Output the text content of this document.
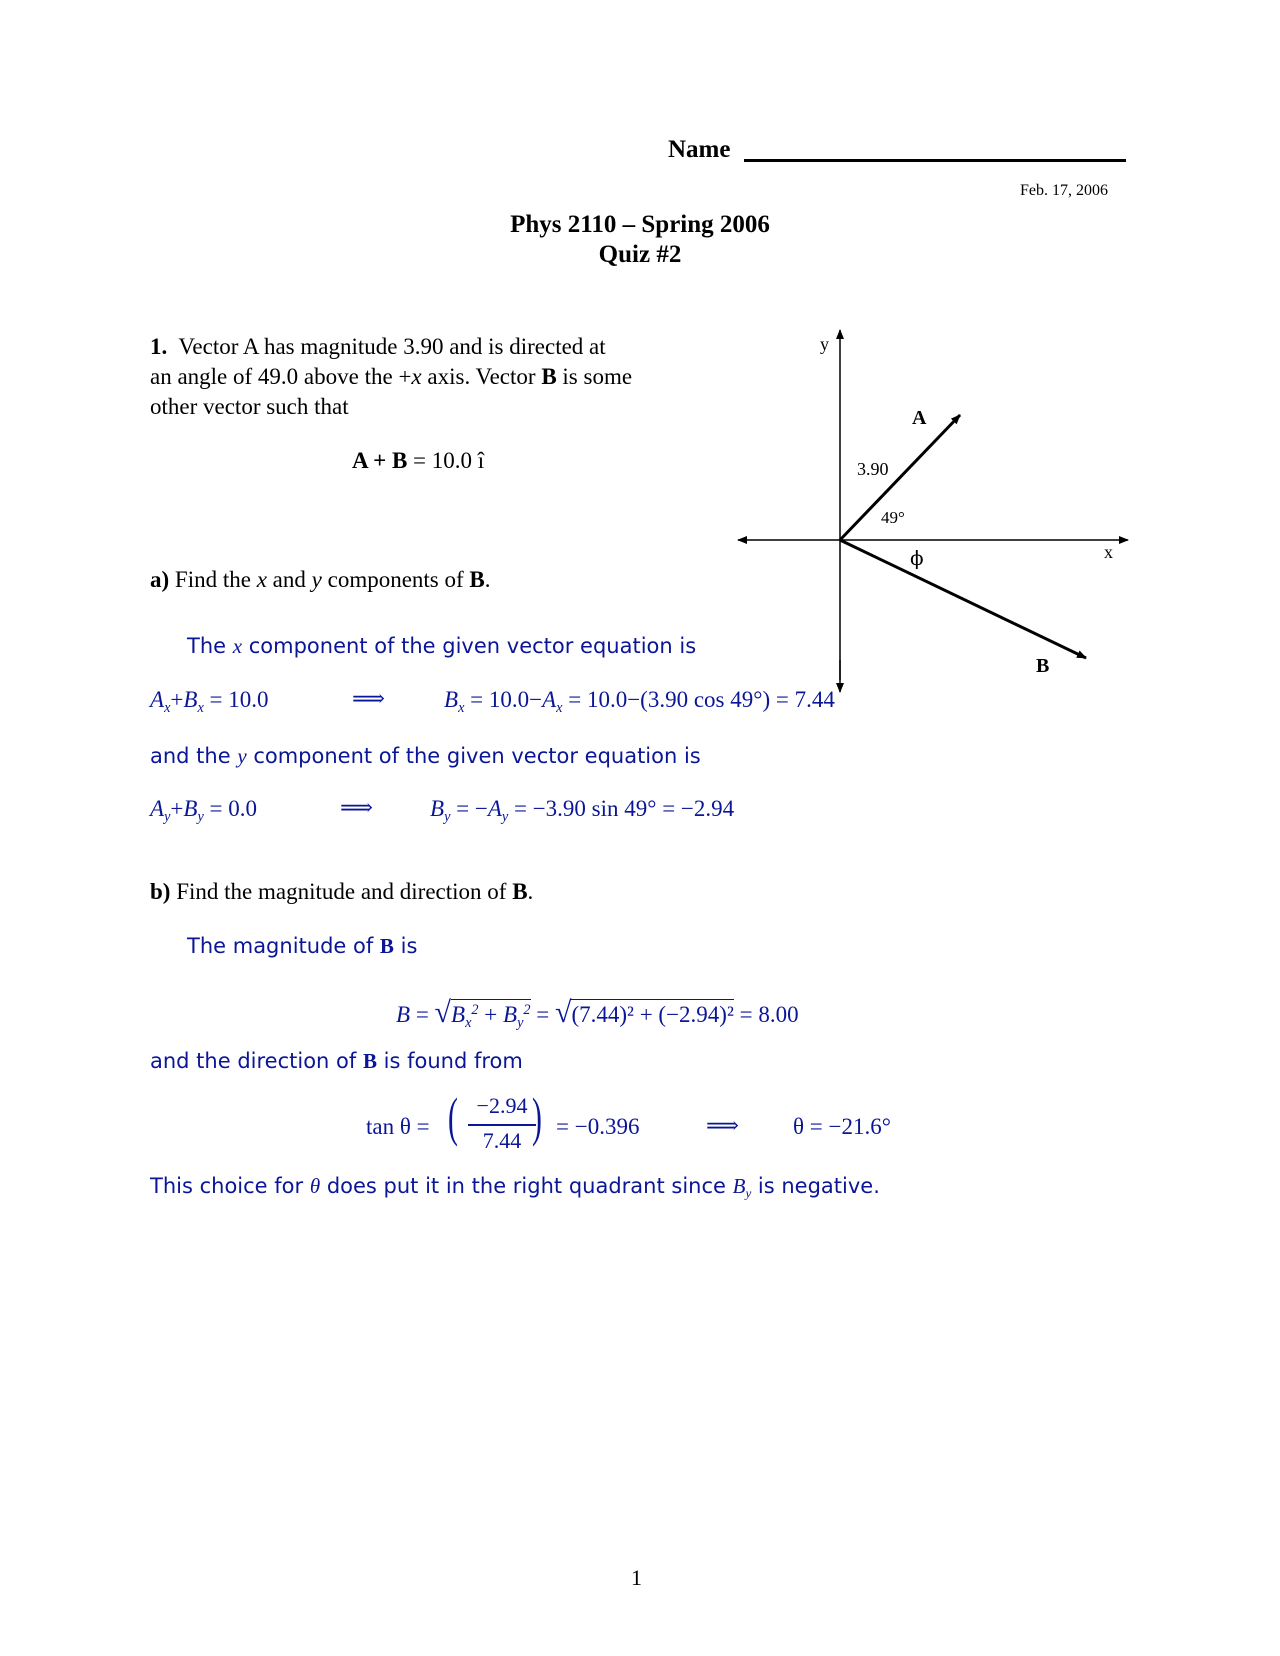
Name
Feb. 17, 2006
Phys 2110 – Spring 2006
Quiz #2
1. Vector A has magnitude 3.90 and is directed at
an angle of 49.0 above the +x axis. Vector B is some
other vector such that
A + B = 10.0 î
y
x
A
B
3.90
49°
ϕ
a) Find the x and y components of B.
The x component of the given vector equation is
$A_x+B_x = 10.0$	⟹	$B_x = 10.0-A_x = 10.0-(3.90$ cos 49°) = 7.44
and the y component of the given vector equation is
$A_y+B_y = 0.0$	⟹ $B_y = -A_y = -3.90$ sin 49° = −2.94
b) Find the magnitude and direction of B.
The magnitude of B is
$B = √B_x^2 + B_y^2 = √(7.44)^2 + (-2.94)^2 = 8.00$
and the direction of B is found from
tan θ = ( −2.94
7.44 ) = −0.396	⟹ θ = −21.6°
This choice for θ does put it in the right quadrant since $B_y$ is negative.
1
